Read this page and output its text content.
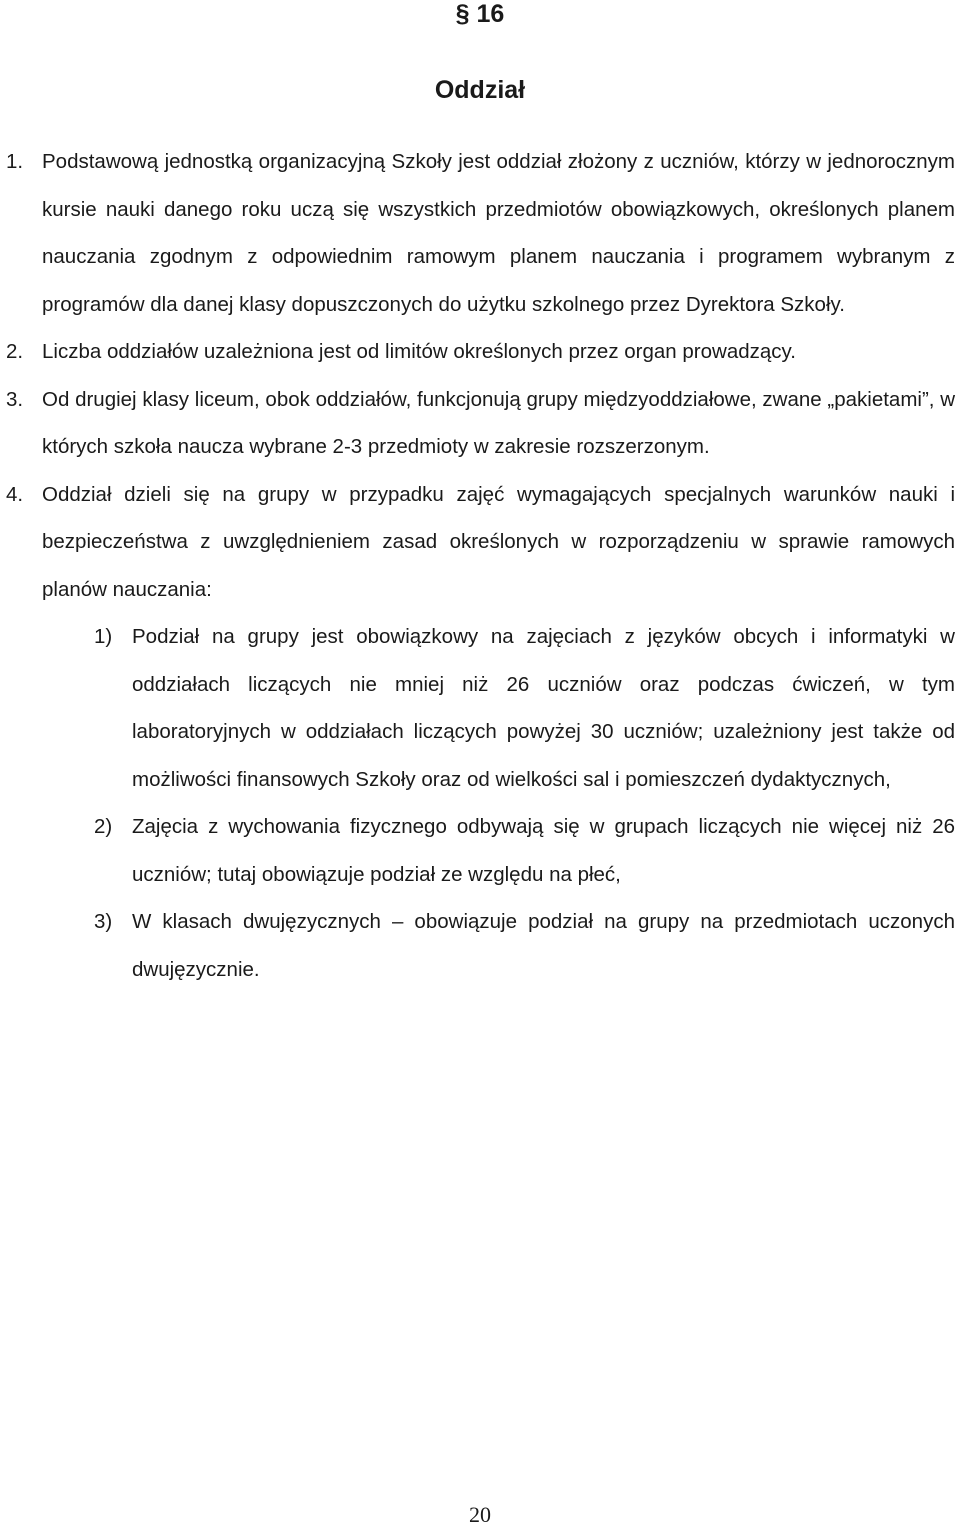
§ 16
Oddział

1. Podstawową jednostką organizacyjną Szkoły jest oddział złożony z uczniów, którzy w jednorocznym kursie nauki danego roku uczą się wszystkich przedmiotów obowiązkowych, określonych planem nauczania zgodnym z odpowiednim ramowym planem nauczania i programem wybranym z programów dla danej klasy dopuszczonych do użytku szkolnego przez Dyrektora Szkoły.

2. Liczba oddziałów uzależniona jest od limitów określonych przez organ prowadzący.

3. Od drugiej klasy liceum, obok oddziałów, funkcjonują grupy międzyoddziałowe, zwane „pakietami”, w których szkoła naucza wybrane 2-3 przedmioty w zakresie rozszerzonym.

4. Oddział dzieli się na grupy w przypadku zajęć wymagających specjalnych warunków nauki i bezpieczeństwa z uwzględnieniem zasad określonych w rozporządzeniu w sprawie ramowych planów nauczania:

1) Podział na grupy jest obowiązkowy na zajęciach z języków obcych i informatyki w oddziałach liczących nie mniej niż 26 uczniów oraz podczas ćwiczeń, w tym laboratoryjnych w oddziałach liczących powyżej 30 uczniów; uzależniony jest także od możliwości finansowych Szkoły oraz od wielkości sal i pomieszczeń dydaktycznych,
2) Zajęcia z wychowania fizycznego odbywają się w grupach liczących nie więcej niż 26 uczniów; tutaj obowiązuje podział ze względu na płeć,
3) W klasach dwujęzycznych – obowiązuje podział na grupy na przedmiotach uczonych dwujęzycznie.
20
